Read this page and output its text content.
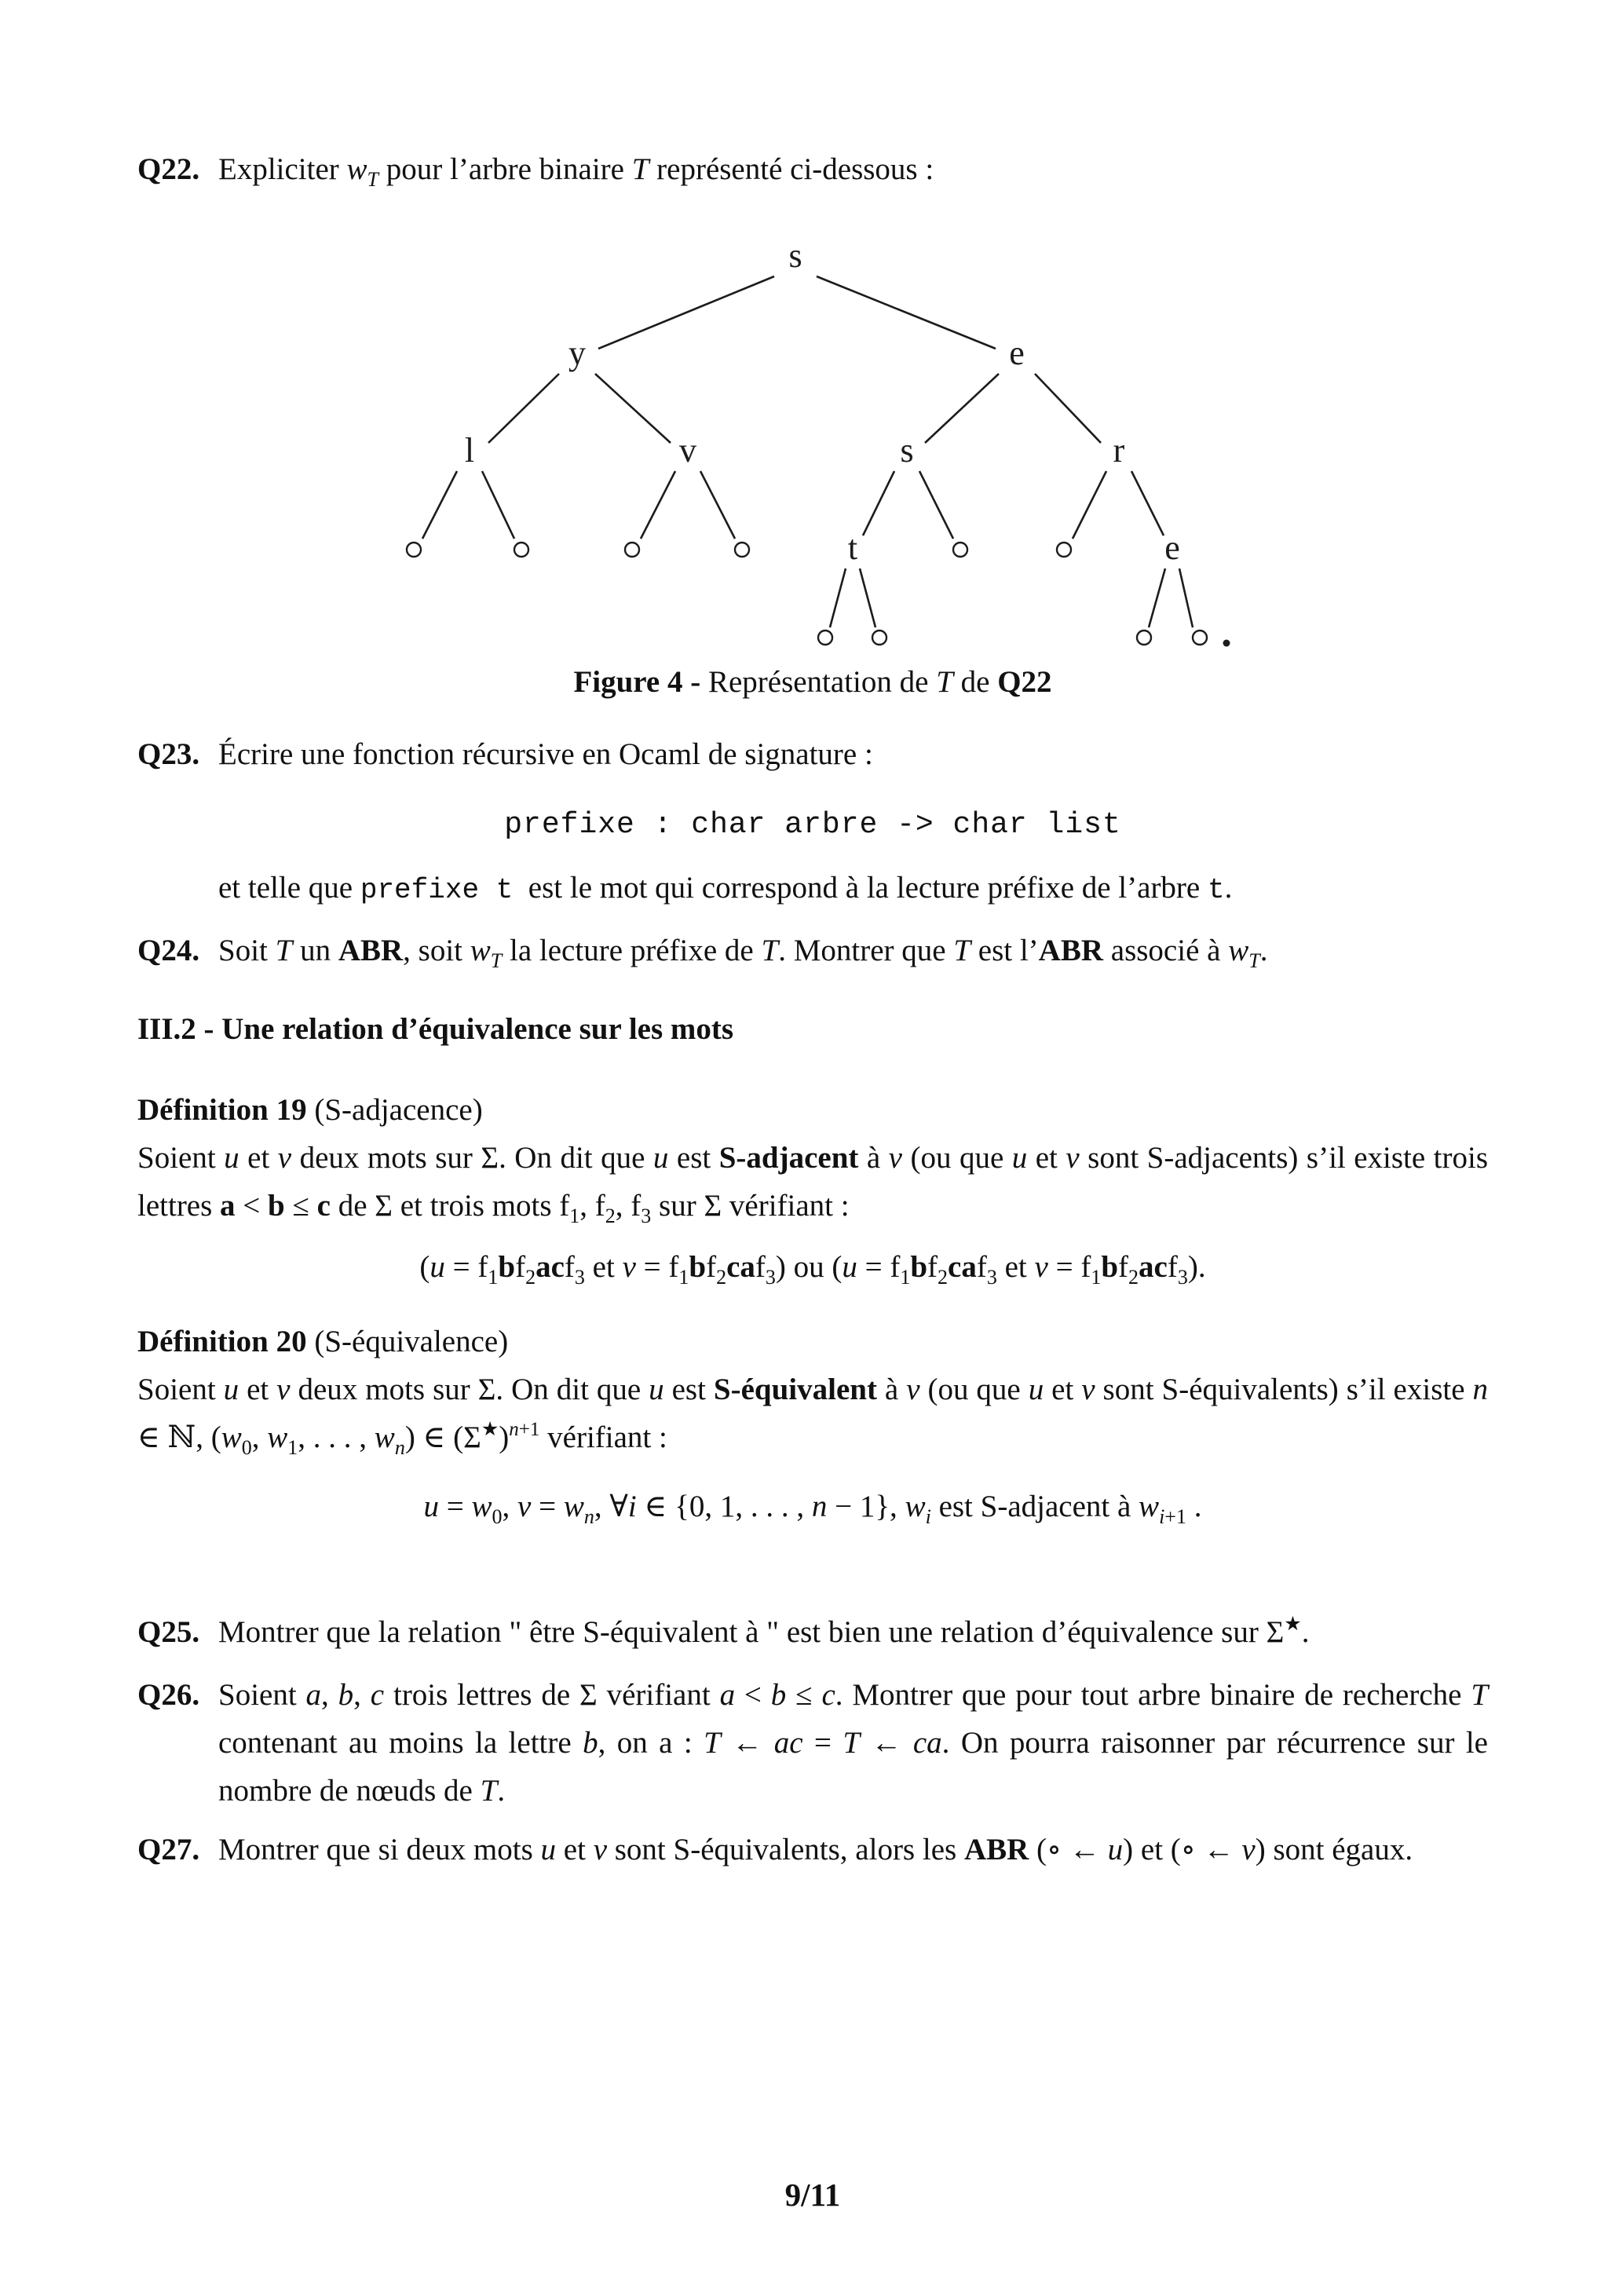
Q22. Expliciter $w_T$ pour l’arbre binaire T représenté ci-dessous :
s
y	e
l	v	s	r
t	e
Figure 4 - Représentation de T de Q22
Q23. Écrire une fonction récursive en Ocaml de signature :
prefixe : char arbre -> char list
et telle que prefixe t  est le mot qui correspond à la lecture préfixe de l’arbre t.
Q24. Soit T un ABR, soit $w_T$ la lecture préfixe de T. Montrer que T est l’ABR associé à $w_T$.
III.2 - Une relation d’équivalence sur les mots
Définition 19 (S-adjacence)
Soient u et v deux mots sur Σ. On dit que u est S-adjacent à v (ou que u et v sont S-adjacents) s’il existe trois lettres a < b ≤ c de Σ et trois mots $f_1$, $f_2$, $f_3$ sur Σ vérifiant :
($u = f_1bf_2acf_3$ et $v = f_1bf_2caf_3$) ou ($u = f_1bf_2caf_3$ et $v = f_1bf_2acf_3$).
Définition 20 (S-équivalence)
Soient u et v deux mots sur Σ. On dit que u est S-équivalent à v (ou que u et v sont S-équivalents) s’il existe n ∈ ℕ, ($w_0$, $w_1$, . . . , $w_n$) ∈ $(\Sigma^★)^{n+1}$ vérifiant :
$u = w_0$, $v = w_n$, ∀i ∈ {0, 1, . . . , n − 1}, $w_i$ est S-adjacent à $w_{i+1}$ .
Q25. Montrer que la relation " être S-équivalent à " est bien une relation d’équivalence sur Σ★.
Q26. Soient a, b, c trois lettres de Σ vérifiant a < b ≤ c. Montrer que pour tout arbre binaire de recherche T contenant au moins la lettre b, on a : T ← ac = T ← ca. On pourra raisonner par récurrence sur le nombre de nœuds de T.
Q27. Montrer que si deux mots u et v sont S-équivalents, alors les ABR (∘ ← u) et (∘ ← v) sont égaux.
9/11
